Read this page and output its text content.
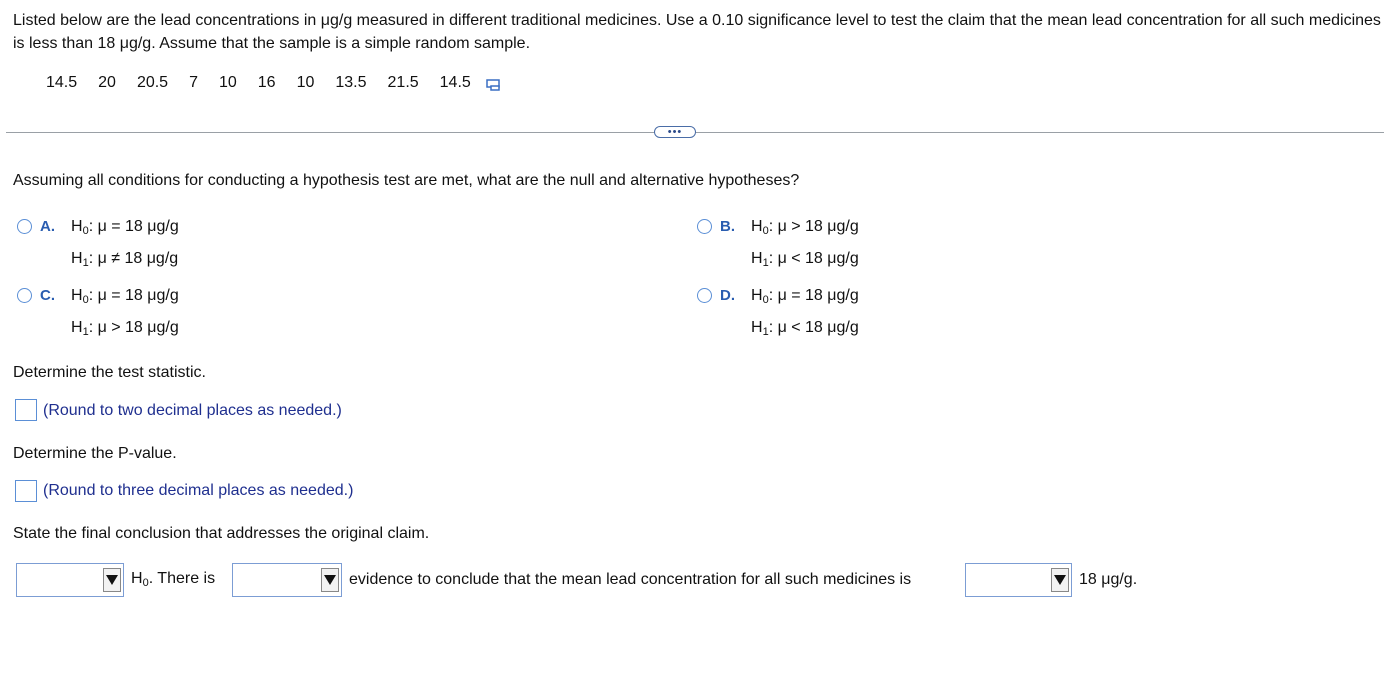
Listed below are the lead concentrations in μg/g measured in different traditional medicines. Use a 0.10 significance level to test the claim that the mean lead concentration for all such medicines is less than 18 μg/g. Assume that the sample is a simple random sample.
14.5 20 20.5 7 10 16 10 13.5 21.5 14.5
•••
Assuming all conditions for conducting a hypothesis test are met, what are the null and alternative hypotheses?
A.	$H_0$: μ = 18 μg/g
$H_1$: μ ≠ 18 μg/g
B.	$H_0$: μ > 18 μg/g
$H_1$: μ < 18 μg/g
C.	$H_0$: μ = 18 μg/g
$H_1$: μ > 18 μg/g
D.	$H_0$: μ = 18 μg/g
$H_1$: μ < 18 μg/g
Determine the test statistic.
(Round to two decimal places as needed.)
Determine the P-value.
(Round to three decimal places as needed.)
State the final conclusion that addresses the original claim.
$H_0$. There is	evidence to conclude that the mean lead concentration for all such medicines is	18 μg/g.
